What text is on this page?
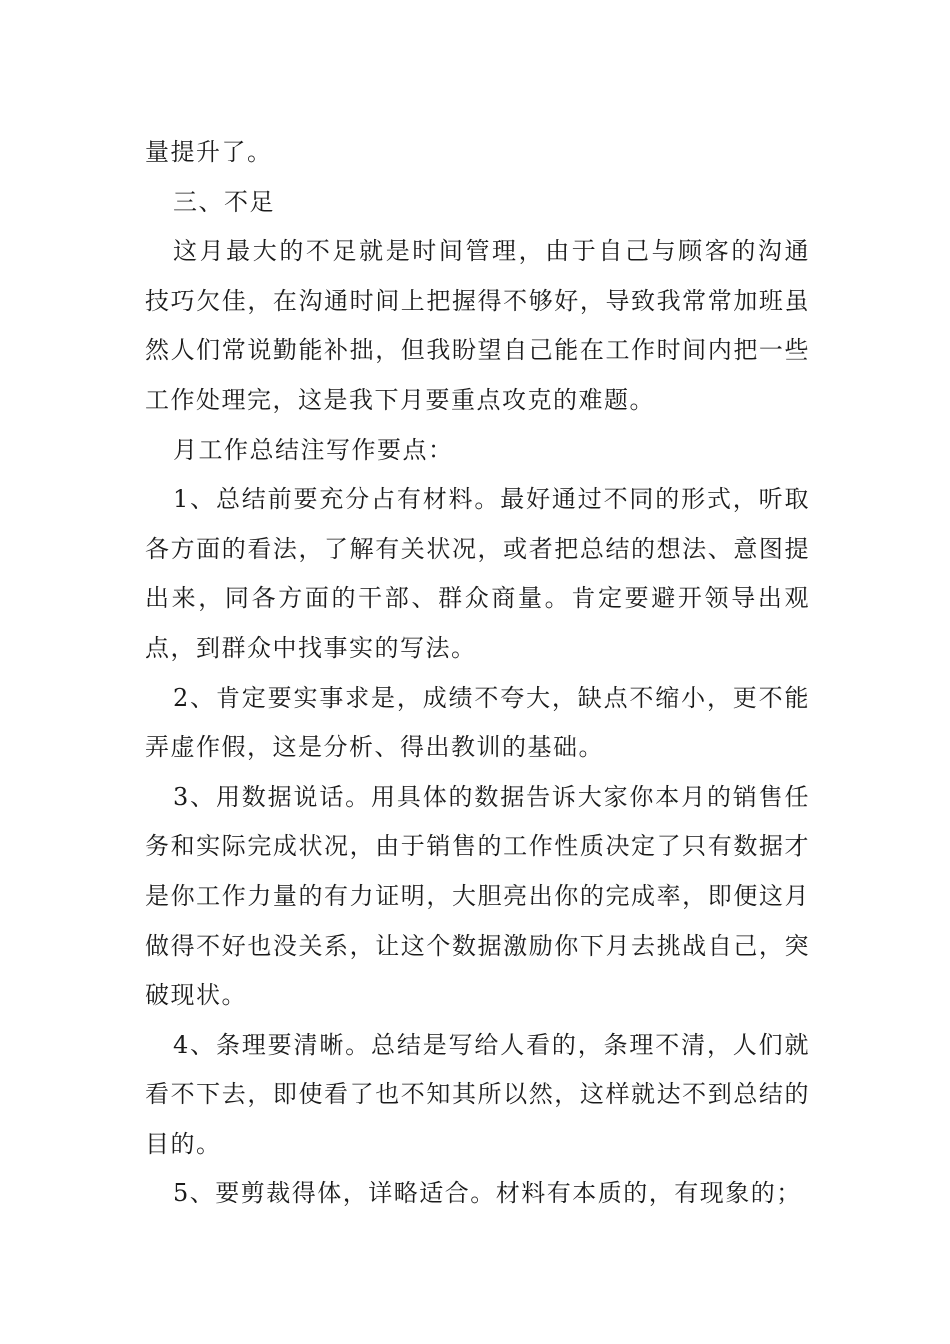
量提升了。

三、不足

这月最大的不足就是时间管理，由于自己与顾客的沟通技巧欠佳，在沟通时间上把握得不够好，导致我常常加班虽然人们常说勤能补拙，但我盼望自己能在工作时间内把一些工作处理完，这是我下月要重点攻克的难题。

月工作总结注写作要点：

1、总结前要充分占有材料。最好通过不同的形式，听取各方面的看法，了解有关状况，或者把总结的想法、意图提出来，同各方面的干部、群众商量。肯定要避开领导出观点，到群众中找事实的写法。

2、肯定要实事求是，成绩不夸大，缺点不缩小，更不能弄虚作假，这是分析、得出教训的基础。

3、用数据说话。用具体的数据告诉大家你本月的销售任务和实际完成状况，由于销售的工作性质决定了只有数据才是你工作力量的有力证明，大胆亮出你的完成率，即便这月做得不好也没关系，让这个数据激励你下月去挑战自己，突破现状。

4、条理要清晰。总结是写给人看的，条理不清，人们就看不下去，即使看了也不知其所以然，这样就达不到总结的目的。

5、要剪裁得体，详略适合。材料有本质的，有现象的；
